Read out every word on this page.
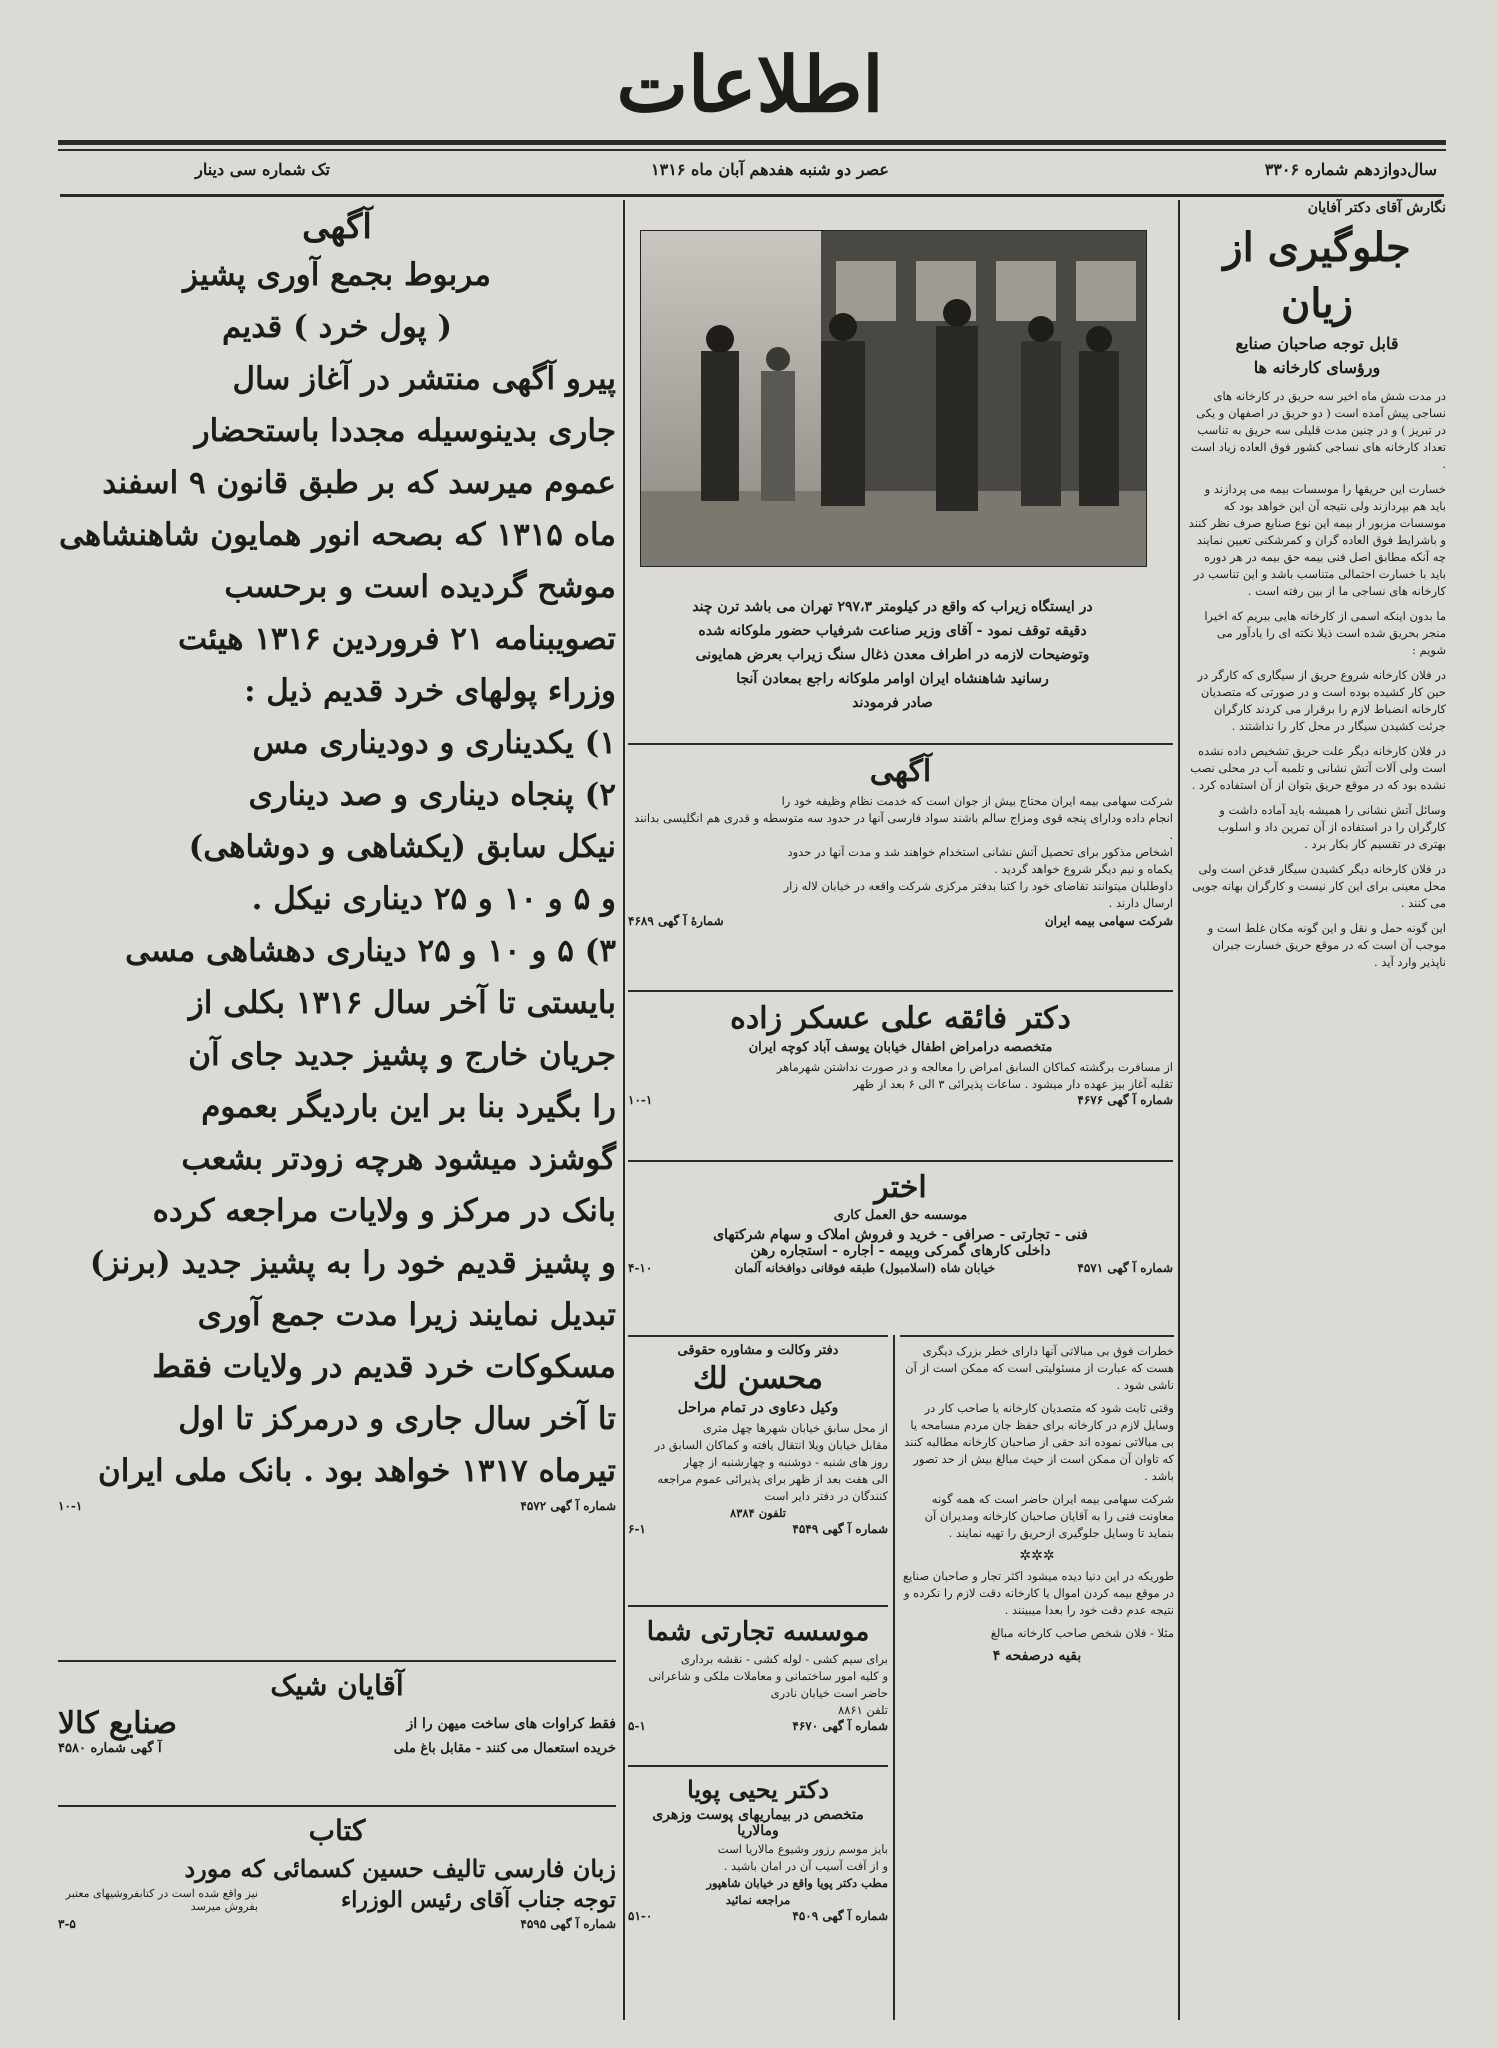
اطلاعات
سال‌دوازدهم شماره ۳۳۰۶
عصر دو شنبه هفدهم آبان ماه ۱۳۱۶
تک شماره سی دینار
نگارش آقای دکتر آفایان
جلوگیری از زیان
قابل توجه صاحبان صنایع
ورؤسای کارخانه ها

در مدت شش ماه اخیر سه حریق در کارخانه های نساجی پیش آمده است ( دو حریق در اصفهان و یکی در تبریز ) و در چنین مدت قلیلی سه حریق به تناسب تعداد کارخانه های نساجی کشور فوق العاده زیاد است .

خسارت این حریقها را موسسات بیمه می پردازند و باید هم بپردازند ولی نتیجه آن این خواهد بود که موسسات مزبور از بیمه این نوع صنایع صرف نظر کنند و باشرایط فوق العاده گران و کمرشکنی تعیین نمایند چه آنکه مطابق اصل فنی بیمه حق بیمه در هر دوره باید با خسارت احتمالی متناسب باشد و این تناسب در کارخانه های نساجی ما از بین رفته است .

ما بدون اینکه اسمی از کارخانه هایی ببریم که اخیرا منجر بحریق شده است ذیلا نکته ای را یادآور می شویم :

در فلان کارخانه شروع حریق از سیگاری که کارگر در حین کار کشیده بوده است و در صورتی که متصدیان کارخانه انضباط لازم را برقرار می کردند کارگران جرئت کشیدن سیگار در محل کار را نداشتند .

در فلان کارخانه دیگر علت حریق تشخیص داده نشده است ولی آلات آتش نشانی و تلمبه آب در محلی نصب نشده بود که در موقع حریق بتوان از آن استفاده کرد .

وسائل آتش نشانی را همیشه باید آماده داشت و کارگران را در استفاده از آن تمرین داد و اسلوب بهتری در تقسیم کار بکار برد .

در فلان کارخانه دیگر کشیدن سیگار قدغن است ولی محل معینی برای این کار نیست و کارگران بهانه جویی می کنند .

این گونه حمل و نقل و این گونه مکان غلط است و موجب آن است که در موقع حریق خسارت جبران ناپذیر وارد آید .

در ایستگاه زیراب که واقع در کیلومتر ۲۹۷،۳ تهران می باشد ترن چند
دقیقه توقف نمود - آقای وزیر صناعت شرفیاب حضور ملوکانه شده
وتوضیحات لازمه در اطراف معدن ذغال سنگ زیراب بعرض همایونی
رسانید شاهنشاه ایران اوامر ملوکانه راجع بمعادن آنجا
صادر فرمودند
آگهی
شرکت سهامی بیمه ایران محتاج بیش از جوان است که خدمت نظام وظیفه خود را
انجام داده ودارای پنجه قوی ومزاج سالم باشند سواد فارسی آنها در حدود سه متوسطه و قدری هم انگلیسی بدانند .
اشخاص مذکور برای تحصیل آتش نشانی استخدام خواهند شد و مدت آنها در حدود
یکماه و نیم دیگر شروع خواهد گردید .
داوطلبان میتوانند تقاضای خود را کتبا بدفتر مرکزی شرکت واقعه در خیابان لاله زار
ارسال دارند .
شرکت سهامی بیمه ایران
شمارهٔ آ گهی ۴۶۸۹
دکتر فائقه علی عسکر زاده
متخصصه درامراض اطفال خیابان یوسف آباد کوچه ایران
از مسافرت برگشته کماکان السابق امراض را معالجه و در صورت نداشتن شهرماهر
تقلبه آغاز بیز عهده دار میشود . ساعات پذیرائی ۳ الی ۶ بعد از ظهر
شماره آ گهی ۴۶۷۶
۱۰-۱
اختر
موسسه حق العمل کاری
فنی - تجارتی - صرافی - خرید و فروش املاک و سهام شرکتهای
داخلی کارهای گمرکی وبیمه - اجاره - استجاره رهن
شماره آ گهی ۴۵۷۱
خیابان شاه (اسلامبول) طبقه فوقانی دوافخانه آلمان
۴-۱۰
دفتر وکالت و مشاوره حقوقی
محسن لك
وکیل دعاوی در تمام مراحل
از محل سابق خیابان شهرها چهل متری
مقابل خیابان ویلا انتقال یافته و کماکان السابق در
روز های شنبه - دوشنبه و چهارشنبه از چهار
الی هفت بعد از ظهر برای پذیرائی عموم مراجعه
کنندگان در دفتر دایر است
تلفون ۸۳۸۴
شماره آ گهی ۴۵۴۹
۶-۱
موسسه تجارتی شما
برای سیم کشی - لوله کشی - نقشه برداری
و کلیه امور ساختمانی و معاملات ملکی و شاعرانی
حاضر است خیابان نادری
تلفن ۸۸۶۱
شماره آ گهی ۴۶۷۰
۵-۱
دکتر یحیی پویا
متخصص در بیماریهای پوست وزهری
ومالاریا
بایز موسم رزور وشیوع مالاریا است
و از آفت آسیب آن در امان باشید .
مطب دکتر پویا واقع در خیابان شاهپور
مراجعه نمائید
شماره آ گهی ۴۵۰۹
۵۱-۰

خطرات فوق بی مبالاتی آنها دارای خطر بزرک دیگری هست که عبارت از مسئولیتی است که ممکن است از آن ناشی شود .

وقتی ثابت شود که متصدیان کارخانه یا صاحب کار در وسایل لازم در کارخانه برای حفظ جان مردم مسامحه یا بی مبالاتی نموده اند حقی از صاحبان کارخانه مطالبه کنند که تاوان آن ممکن است از حیث مبالغ بیش از حد تصور باشد .

شرکت سهامی بیمه ایران حاضر است که همه گونه معاونت فنی را به آقایان صاحبان کارخانه ومدیران آن بنماید تا وسایل جلوگیری ازحریق را تهیه نمایند .

✲✲✲

طوریکه در این دنیا دیده میشود اکثر تجار و صاحبان صنایع در موقع بیمه کردن اموال یا کارخانه دقت لازم را نکرده و نتیجه عدم دقت خود را بعدا میبینند .

مثلا - فلان شخص صاحب کارخانه مبالغ

بقیه درصفحه ۴
آگهی
مربوط بجمع آوری پشیز
( پول خرد ) قدیم
پیرو آگهی منتشر در آغاز سال
جاری بدینوسیله مجددا باستحضار
عموم میرسد که بر طبق قانون ۹ اسفند
ماه ۱۳۱۵ که بصحه انور همایون شاهنشاهی
موشح گردیده است و برحسب
تصویبنامه ۲۱ فروردین ۱۳۱۶ هیئت
وزراء پولهای خرد قدیم ذیل :
۱) یکدیناری و دودیناری مس
۲) پنجاه دیناری و صد دیناری
نیکل سابق (یکشاهی و دوشاهی)
و ۵ و ۱۰ و ۲۵ دیناری نیکل .
۳) ۵ و ۱۰ و ۲۵ دیناری دهشاهی مسی
بایستی تا آخر سال ۱۳۱۶ بکلی از
جریان خارج و پشیز جدید جای آن
را بگیرد بنا بر این باردیگر بعموم
گوشزد میشود هرچه زودتر بشعب
بانک در مرکز و ولایات مراجعه کرده
و پشیز قدیم خود را به پشیز جدید (برنز)
تبدیل نمایند زیرا مدت جمع آوری
مسکوکات خرد قدیم در ولایات فقط
تا آخر سال جاری و درمرکز تا اول
تیرماه ۱۳۱۷ خواهد بود . بانک ملی ایران
شماره آ گهی ۴۵۷۲
۱۰-۱
آقایان شیک
فقط کراوات های ساخت میهن را از
صنایع کالا
خریده استعمال می کنند - مقابل باغ ملی
آ گهی شماره ۴۵۸۰
کتاب
زبان فارسی تالیف حسین کسمائی که مورد
توجه جناب آقای رئیس الوزراء
نیز واقع شده است در کتابفروشیهای معتبر بفروش میرسد
شماره آ گهی ۴۵۹۵
۳-۵
